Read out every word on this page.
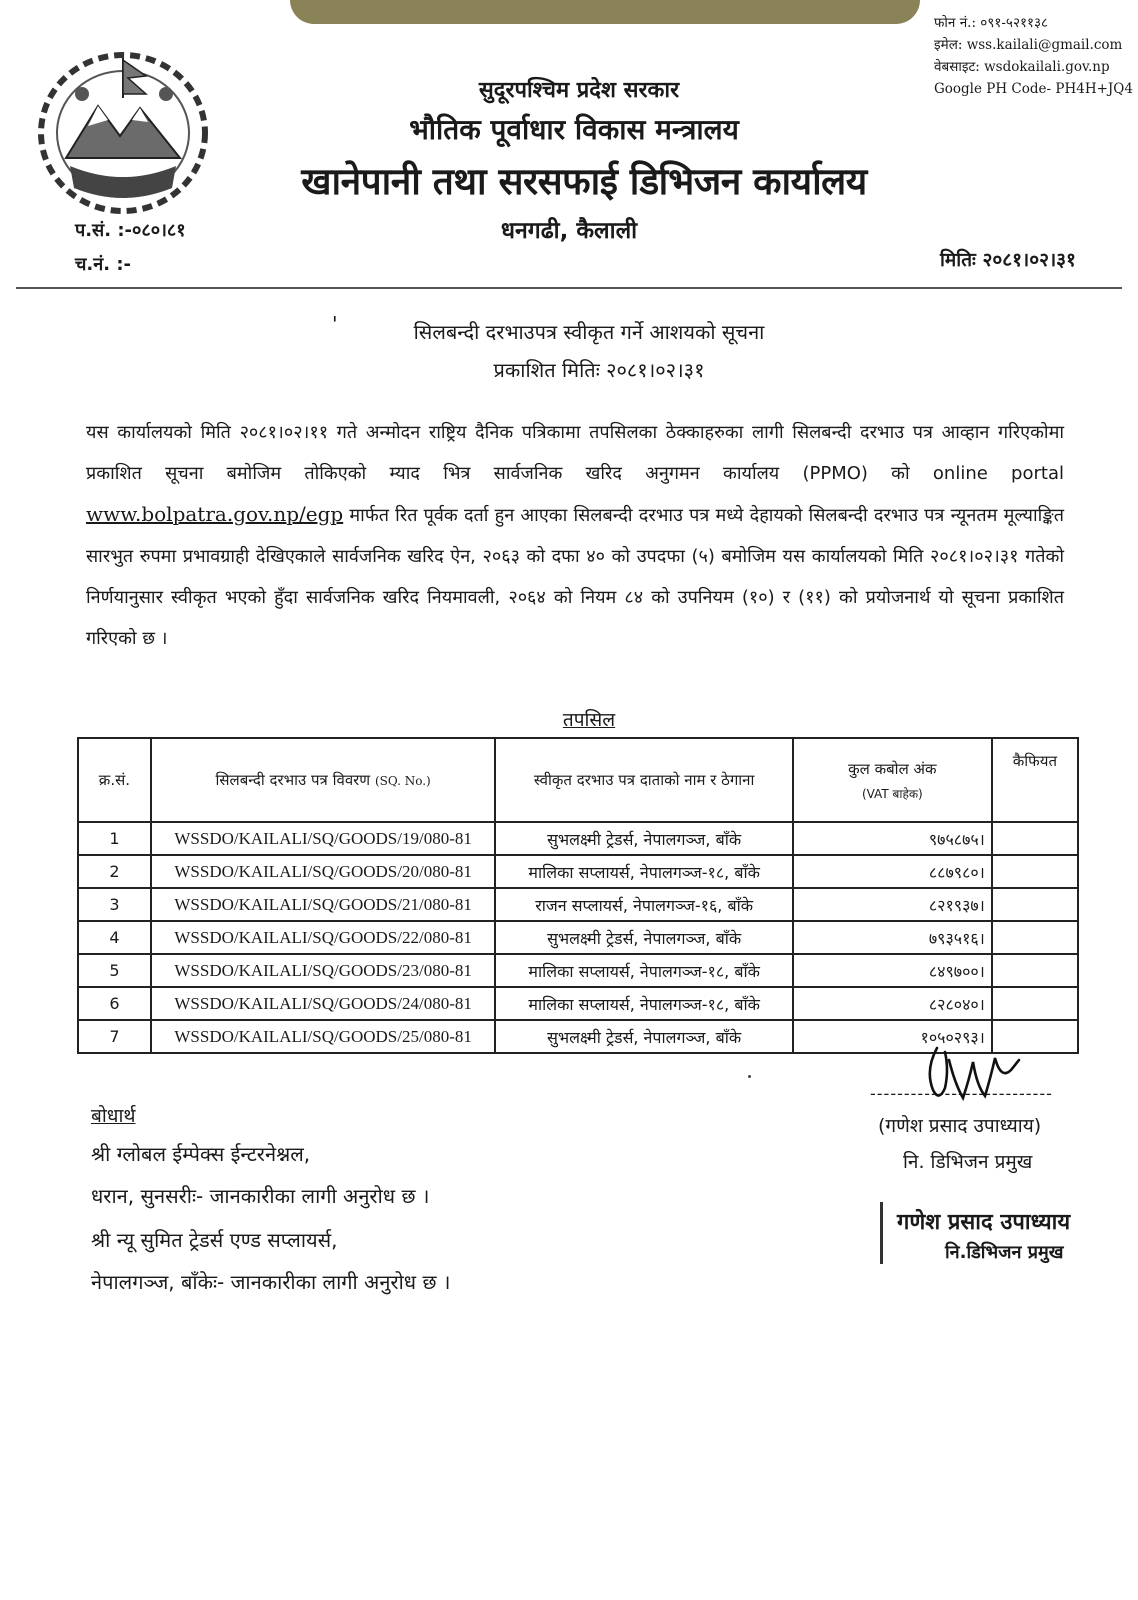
फोन नं.: ०९१-५२११३८
इमेल: wss.kailali@gmail.com
वेबसाइट: wsdokailali.gov.np
Google PH Code- PH4H+JQ4
सुदूरपश्चिम प्रदेश सरकार
भौतिक पूर्वाधार विकास मन्त्रालय
खानेपानी तथा सरसफाई डिभिजन कार्यालय
धनगढी, कैलाली
प.सं. :-०८०।८१
च.नं. :-	मितिः २०८१।०२।३१
'	सिलबन्दी दरभाउपत्र स्वीकृत गर्ने आशयको सूचना
प्रकाशित मितिः २०८१।०२।३१
यस कार्यालयको मिति २०८१।०२।११ गते अन्मोदन राष्ट्रिय दैनिक पत्रिकामा तपसिलका ठेक्काहरुका लागी सिलबन्दी दरभाउ पत्र आव्हान गरिएकोमा प्रकाशित सूचना बमोजिम तोकिएको म्याद भित्र सार्वजनिक खरिद अनुगमन कार्यालय (PPMO) को online portal www.bolpatra.gov.np/egp मार्फत रित पूर्वक दर्ता हुन आएका सिलबन्दी दरभाउ पत्र मध्ये देहायको सिलबन्दी दरभाउ पत्र न्यूनतम मूल्याङ्कित सारभुत रुपमा प्रभावग्राही देखिएकाले सार्वजनिक खरिद ऐन, २०६३ को दफा ४० को उपदफा (५) बमोजिम यस कार्यालयको मिति २०८१।०२।३१ गतेको निर्णयानुसार स्वीकृत भएको हुँदा सार्वजनिक खरिद नियमावली, २०६४ को नियम ८४ को उपनियम (१०) र (११) को प्रयोजनार्थ यो सूचना प्रकाशित गरिएको छ ।
तपसिल
क्र.सं.	सिलबन्दी दरभाउ पत्र विवरण (SQ. No.)	स्वीकृत दरभाउ पत्र दाताको नाम र ठेगाना	कुल कबोल अंक
(VAT बाहेक)	कैफियत
1	WSSDO/KAILALI/SQ/GOODS/19/080-81	सुभलक्ष्मी ट्रेडर्स, नेपालगञ्ज, बाँके	९७५८७५।	
2	WSSDO/KAILALI/SQ/GOODS/20/080-81	मालिका सप्लायर्स, नेपालगञ्ज-१८, बाँके	८८७९८०।	
3	WSSDO/KAILALI/SQ/GOODS/21/080-81	राजन सप्लायर्स, नेपालगञ्ज-१६, बाँके	८२१९३७।	
4	WSSDO/KAILALI/SQ/GOODS/22/080-81	सुभलक्ष्मी ट्रेडर्स, नेपालगञ्ज, बाँके	७९३५१६।	
5	WSSDO/KAILALI/SQ/GOODS/23/080-81	मालिका सप्लायर्स, नेपालगञ्ज-१८, बाँके	८४९७००।	
6	WSSDO/KAILALI/SQ/GOODS/24/080-81	मालिका सप्लायर्स, नेपालगञ्ज-१८, बाँके	८२८०४०।	
7	WSSDO/KAILALI/SQ/GOODS/25/080-81	सुभलक्ष्मी ट्रेडर्स, नेपालगञ्ज, बाँके	१०५०२९३।	
---------------------------
(गणेश प्रसाद उपाध्याय)
नि. डिभिजन प्रमुख
गणेश प्रसाद उपाध्याय
नि.डिभिजन प्रमुख
बोधार्थ
श्री ग्लोबल ईम्पेक्स ईन्टरनेश्नल,
धरान, सुनसरीः- जानकारीका लागी अनुरोध छ ।
श्री न्यू सुमित ट्रेडर्स एण्ड सप्लायर्स,
नेपालगञ्ज, बाँकेः- जानकारीका लागी अनुरोध छ ।
